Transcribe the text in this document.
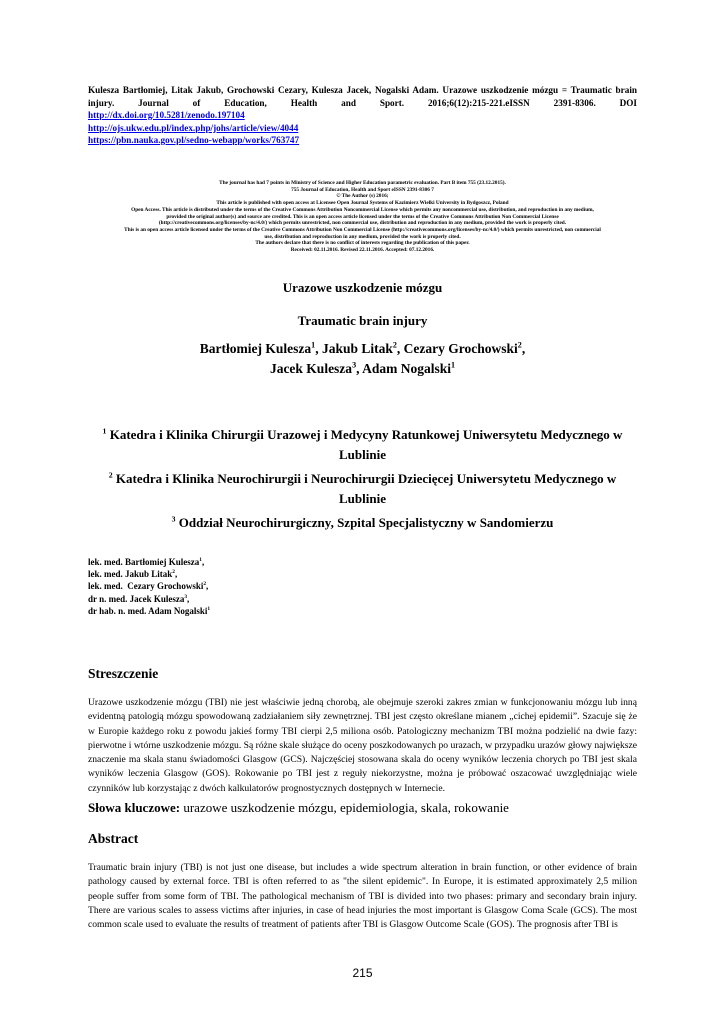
Kulesza Bartłomiej, Litak Jakub, Grochowski Cezary, Kulesza Jacek, Nogalski Adam. Urazowe uszkodzenie mózgu = Traumatic brain injury. Journal of Education, Health and Sport. 2016;6(12):215-221.eISSN 2391-8306. DOI
http://dx.doi.org/10.5281/zenodo.197104
http://ojs.ukw.edu.pl/index.php/johs/article/view/4044
https://pbn.nauka.gov.pl/sedno-webapp/works/763747
The journal has had 7 points in Ministry of Science and Higher Education parametric evaluation. Part B item 755 (23.12.2015).
755 Journal of Education, Health and Sport eISSN 2391-8306 7
© The Author (s) 2016;
This article is published with open access at Licensee Open Journal Systems of Kazimierz Wielki University in Bydgoszcz, Poland
Open Access. This article is distributed under the terms of the Creative Commons Attribution Noncommercial License which permits any noncommercial use, distribution, and reproduction in any medium,
provided the original author(s) and source are credited. This is an open access article licensed under the terms of the Creative Commons Attribution Non Commercial License
(http://creativecommons.org/licenses/by-nc/4.0/) which permits unrestricted, non commercial use, distribution and reproduction in any medium, provided the work is properly cited.
This is an open access article licensed under the terms of the Creative Commons Attribution Non Commercial License (http://creativecommons.org/licenses/by-nc/4.0/) which permits unrestricted, non commercial
use, distribution and reproduction in any medium, provided the work is properly cited.
The authors declare that there is no conflict of interests regarding the publication of this paper.
Received: 02.11.2016. Revised 22.11.2016. Accepted: 07.12.2016.
Urazowe uszkodzenie mózgu
Traumatic brain injury
Bartłomiej Kulesza$^1$, Jakub Litak$^2$, Cezary Grochowski$^2$,
Jacek Kulesza$^3$, Adam Nogalski$^1$
$^1$ Katedra i Klinika Chirurgii Urazowej i Medycyny Ratunkowej Uniwersytetu Medycznego w Lublinie
$^2$ Katedra i Klinika Neurochirurgii i Neurochirurgii Dziecięcej Uniwersytetu Medycznego w Lublinie
$^3$ Oddział Neurochirurgiczny, Szpital Specjalistyczny w Sandomierzu
lek. med. Bartłomiej Kulesza$^1$,
lek. med. Jakub Litak$^2$,
lek. med.  Cezary Grochowski$^2$,
dr n. med. Jacek Kulesza$^3$,
dr hab. n. med. Adam Nogalski$^1$
Streszczenie
Urazowe uszkodzenie mózgu (TBI) nie jest właściwie jedną chorobą, ale obejmuje szeroki zakres zmian w funkcjonowaniu mózgu lub inną evidentną patologią mózgu spowodowaną zadziałaniem siły zewnętrznej. TBI jest często określane mianem „cichej epidemii”. Szacuje się że w Europie każdego roku z powodu jakieś formy TBI cierpi 2,5 miliona osób. Patologiczny mechanizm TBI można podzielić na dwie fazy: pierwotne i wtórne uszkodzenie mózgu. Są różne skale służące do oceny poszkodowanych po urazach, w przypadku urazów głowy największe znaczenie ma skala stanu świadomości Glasgow (GCS). Najczęściej stosowana skala do oceny wyników leczenia chorych po TBI jest skala wyników leczenia Glasgow (GOS). Rokowanie po TBI jest z reguły niekorzystne, można je próbować oszacować uwzględniając wiele czynników lub korzystając z dwóch kalkulatorów prognostycznych dostępnych w Internecie.
Słowa kluczowe: urazowe uszkodzenie mózgu, epidemiologia, skala, rokowanie
Abstract
Traumatic brain injury (TBI) is not just one disease, but includes a wide spectrum alteration in brain function, or other evidence of brain pathology caused by external force. TBI is often referred to as "the silent epidemic". In Europe, it is estimated approximately 2,5 milion people suffer from some form of TBI. The pathological mechanism of TBI is divided into two phases: primary and secondary brain injury. There are various scales to assess victims after injuries, in case of head injuries the most important is Glasgow Coma Scale (GCS). The most common scale used to evaluate the results of treatment of patients after TBI is Glasgow Outcome Scale (GOS). The prognosis after TBI is
215
